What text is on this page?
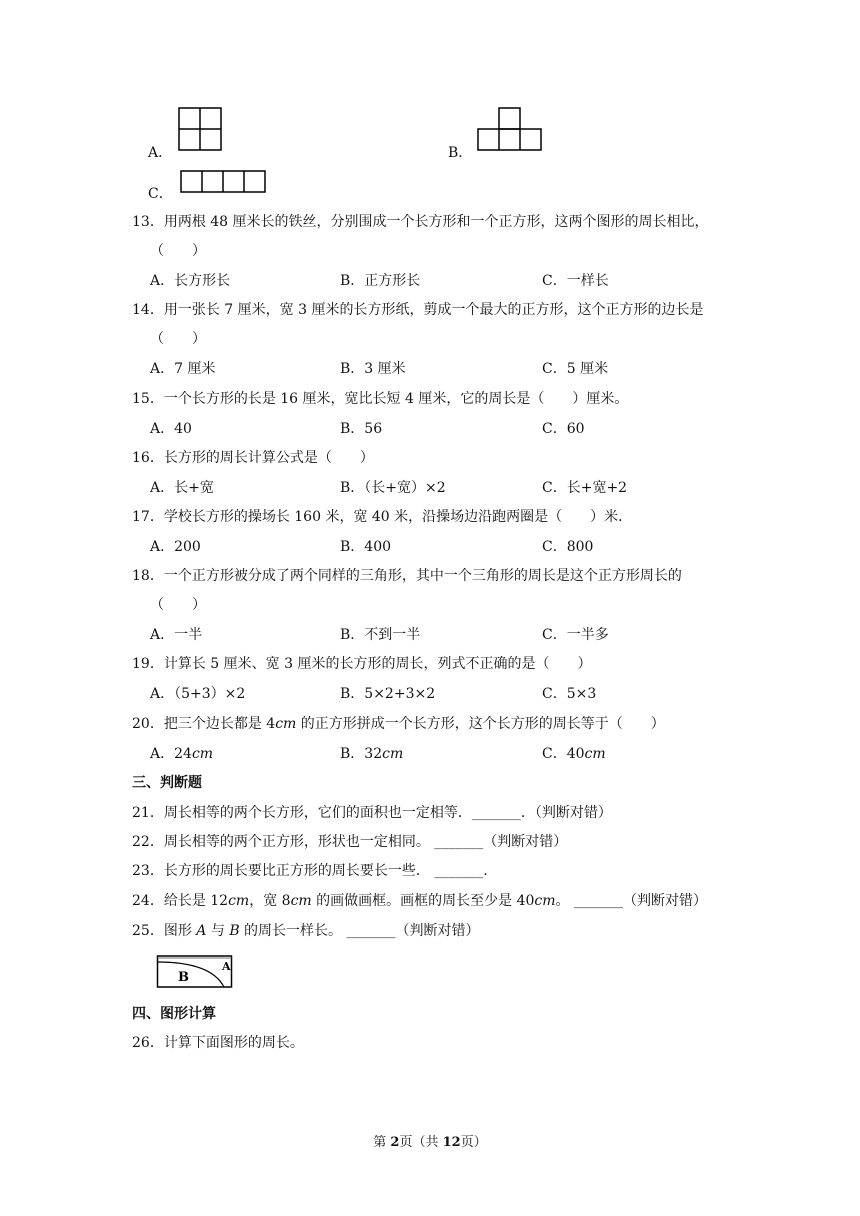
A．	B．
C．
13．用两根 48 厘米长的铁丝，分别围成一个长方形和一个正方形，这两个图形的周长相比，
（　　）
A．长方形长	B．正方形长	C．一样长
14．用一张长 7 厘米，宽 3 厘米的长方形纸，剪成一个最大的正方形，这个正方形的边长是
（　　）
A．7 厘米	B．3 厘米	C．5 厘米
15．一个长方形的长是 16 厘米，宽比长短 4 厘米，它的周长是（　　）厘米。
A．40	B．56	C．60
16．长方形的周长计算公式是（　　）
A．长+宽	B．（长+宽）×2	C．长+宽+2
17．学校长方形的操场长 160 米，宽 40 米，沿操场边沿跑两圈是（　　）米．
A．200	B．400	C．800
18．一个正方形被分成了两个同样的三角形，其中一个三角形的周长是这个正方形周长的
（　　）
A．一半	B．不到一半	C．一半多
19．计算长 5 厘米、宽 3 厘米的长方形的周长，列式不正确的是（　　）
A．（5+3）×2	B．5×2+3×2	C．5×3
20．把三个边长都是 4cm 的正方形拼成一个长方形，这个长方形的周长等于（　　）
A．24cm	B．32cm	C．40cm
三、判断题
21．周长相等的两个长方形，它们的面积也一定相等．_______．（判断对错）
22．周长相等的两个正方形，形状也一定相同。 _______（判断对错）
23．长方形的周长要比正方形的周长要长一些． _______.
24．给长是 12cm，宽 8cm 的画做画框。画框的周长至少是 40cm。 _______（判断对错）
25．图形 A 与 B 的周长一样长。 _______（判断对错）
B
A
四、图形计算
26．计算下面图形的周长。
第 2页（共 12页）
